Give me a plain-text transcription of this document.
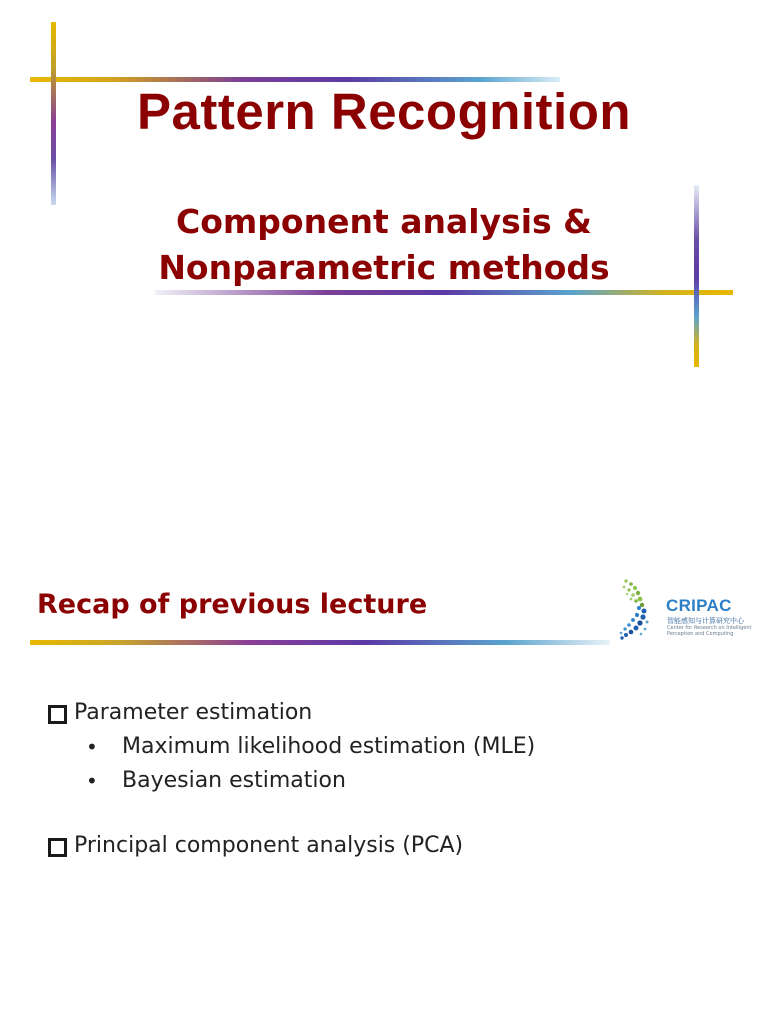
Pattern Recognition
Component analysis &
Nonparametric methods
Recap of previous lecture	CRIPAC
智能感知与计算研究中心
Center for Research on Intelligent Perception and Computing
Parameter estimation
• Maximum likelihood estimation (MLE)
• Bayesian estimation
Principal component analysis (PCA)
